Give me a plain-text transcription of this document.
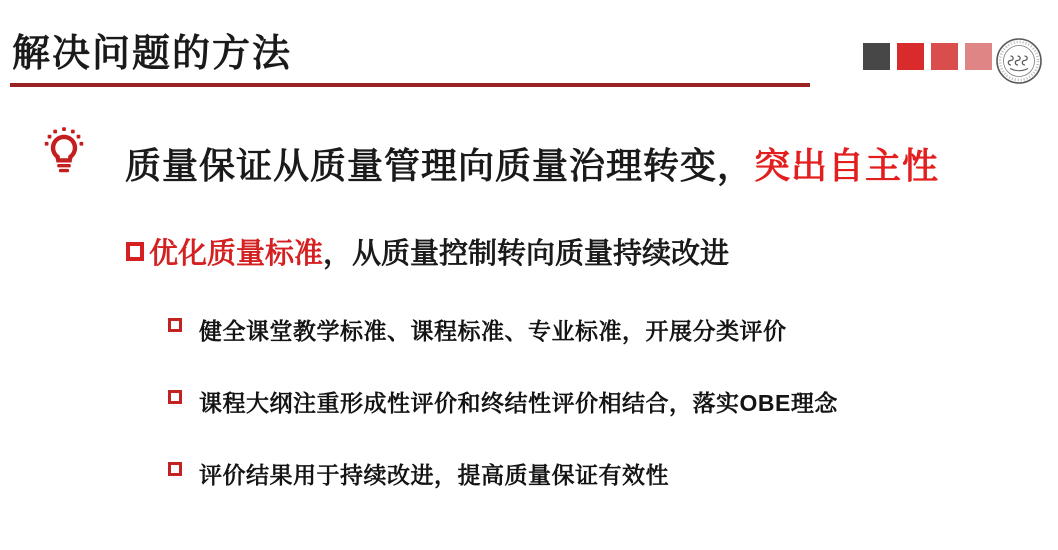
解决问题的方法
质量保证从质量管理向质量治理转变，突出自主性
优化质量标准，从质量控制转向质量持续改进
健全课堂教学标准、课程标准、专业标准，开展分类评价
课程大纲注重形成性评价和终结性评价相结合，落实OBE理念
评价结果用于持续改进，提高质量保证有效性
